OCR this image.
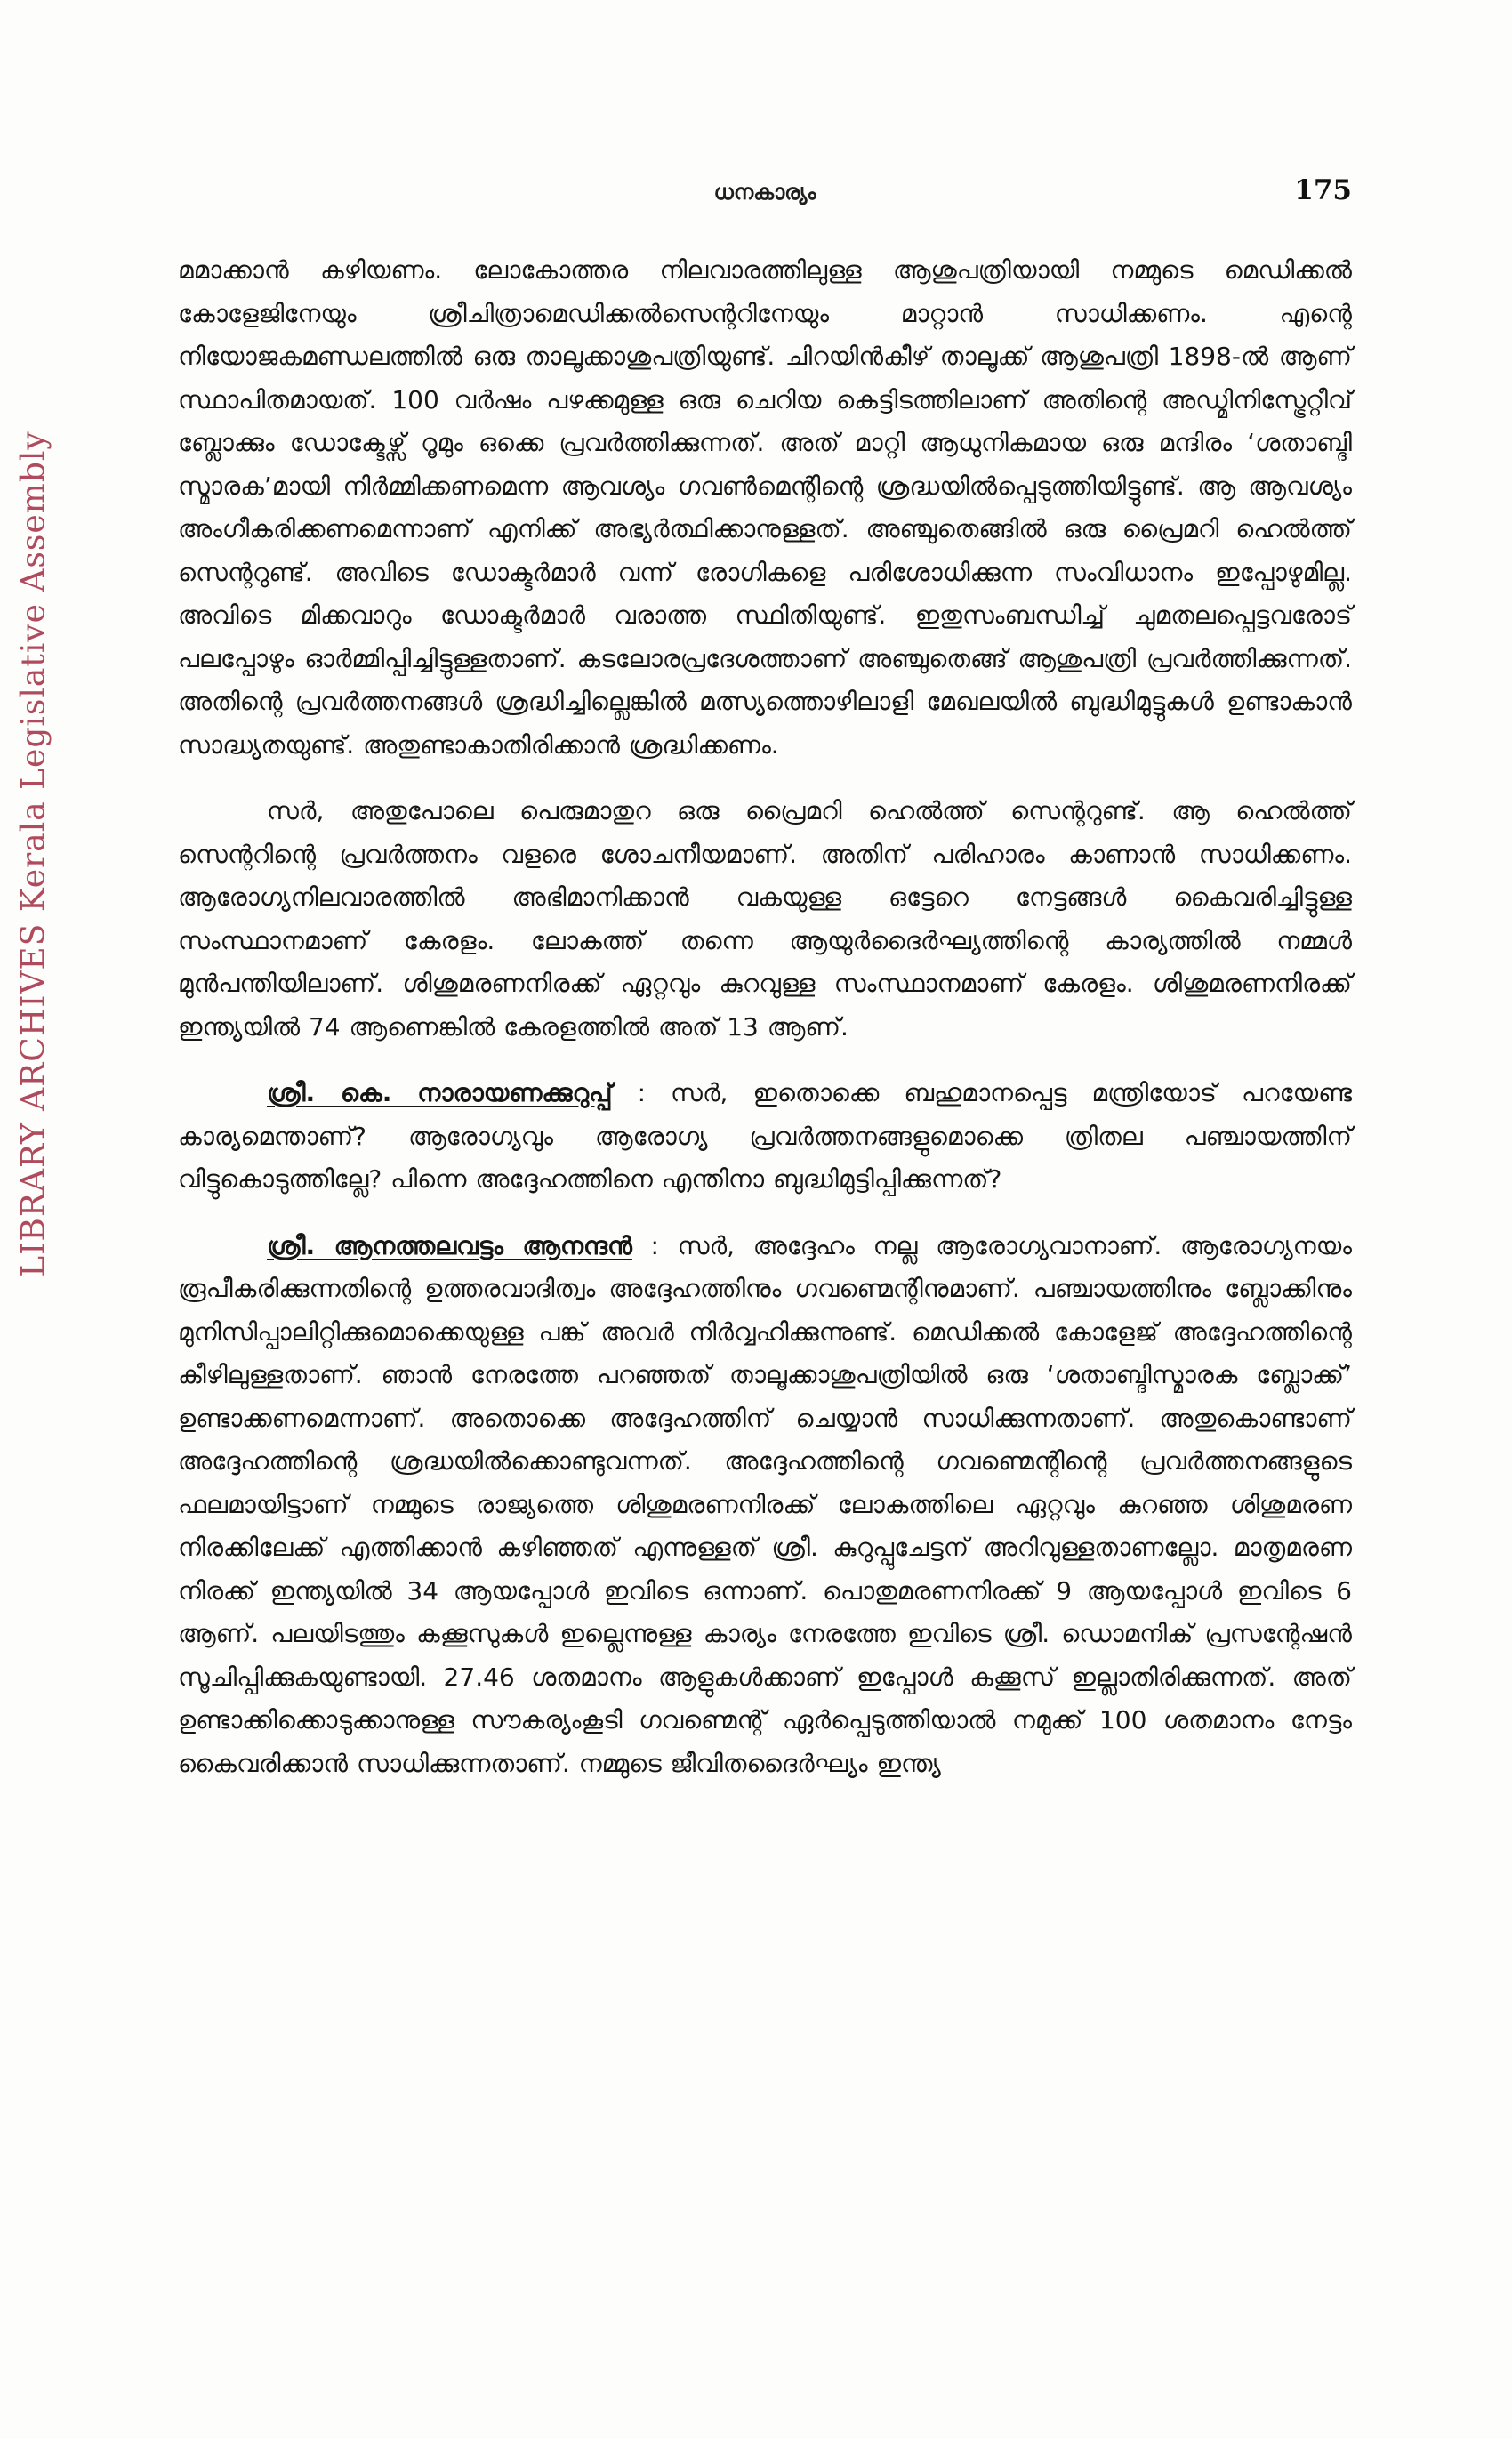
LIBRARY ARCHIVES Kerala Legislative Assembly
ധനകാര്യം	175

മമാക്കാൻ കഴിയണം. ലോകോത്തര നിലവാരത്തിലുള്ള ആശുപത്രിയായി നമ്മുടെ മെഡിക്കൽ കോളേജിനേയും ശ്രീചിത്രാമെഡിക്കൽസെന്ററിനേയും മാറ്റാൻ സാധിക്കണം. എന്റെ നിയോജകമണ്ഡലത്തിൽ ഒരു താലൂക്കാശുപത്രിയുണ്ട്. ചിറയിൻകീഴ് താലൂക്ക് ആശുപത്രി 1898-ൽ ആണ് സ്ഥാപിതമായത്. 100 വർഷം പഴക്കമുള്ള ഒരു ചെറിയ കെട്ടിടത്തിലാണ് അതിന്റെ അഡ്മിനിസ്ട്രേറ്റീവ് ബ്ലോക്കും ഡോക്ടേഴ്സ് റൂമും ഒക്കെ പ്രവർത്തിക്കുന്നത്. അത് മാറ്റി ആധുനികമായ ഒരു മന്ദിരം ‘ശതാബ്ദി സ്മാരക’മായി നിർമ്മിക്കണമെന്ന ആവശ്യം ഗവൺമെന്റിന്റെ ശ്രദ്ധയിൽപ്പെടുത്തിയിട്ടുണ്ട്. ആ ആവശ്യം അംഗീകരിക്കണമെന്നാണ് എനിക്ക് അഭ്യർത്ഥിക്കാനുള്ളത്. അഞ്ചുതെങ്ങിൽ ഒരു പ്രൈമറി ഹെൽത്ത് സെന്ററുണ്ട്. അവിടെ ഡോക്ടർമാർ വന്ന് രോഗികളെ പരിശോധിക്കുന്ന സംവിധാനം ഇപ്പോഴുമില്ല. അവിടെ മിക്കവാറും ഡോക്ടർമാർ വരാത്ത സ്ഥിതിയുണ്ട്. ഇതുസംബന്ധിച്ച് ചുമതലപ്പെട്ടവരോട് പലപ്പോഴും ഓർമ്മിപ്പിച്ചിട്ടുള്ളതാണ്. കടലോരപ്രദേശത്താണ് അഞ്ചുതെങ്ങ് ആശുപത്രി പ്രവർത്തിക്കുന്നത്. അതിന്റെ പ്രവർത്തനങ്ങൾ ശ്രദ്ധിച്ചില്ലെങ്കിൽ മത്സ്യത്തൊഴിലാളി മേഖലയിൽ ബുദ്ധിമുട്ടുകൾ ഉണ്ടാകാൻ സാദ്ധ്യതയുണ്ട്. അതുണ്ടാകാതിരിക്കാൻ ശ്രദ്ധിക്കണം.

സർ, അതുപോലെ പെരുമാതുറ ഒരു പ്രൈമറി ഹെൽത്ത് സെന്ററുണ്ട്. ആ ഹെൽത്ത് സെന്ററിന്റെ പ്രവർത്തനം വളരെ ശോചനീയമാണ്. അതിന് പരിഹാരം കാണാൻ സാധിക്കണം. ആരോഗ്യനിലവാരത്തിൽ അഭിമാനിക്കാൻ വകയുള്ള ഒട്ടേറെ നേട്ടങ്ങൾ കൈവരിച്ചിട്ടുള്ള സംസ്ഥാനമാണ് കേരളം. ലോകത്ത് തന്നെ ആയുർദൈർഘ്യത്തിന്റെ കാര്യത്തിൽ നമ്മൾ മുൻപന്തിയിലാണ്. ശിശുമരണനിരക്ക് ഏറ്റവും കുറവുള്ള സംസ്ഥാനമാണ് കേരളം. ശിശുമരണനിരക്ക് ഇന്ത്യയിൽ 74 ആണെങ്കിൽ കേരളത്തിൽ അത് 13 ആണ്.

ശ്രീ. കെ. നാരായണക്കുറുപ്പ് : സർ, ഇതൊക്കെ ബഹുമാനപ്പെട്ട മന്ത്രിയോട് പറയേണ്ട കാര്യമെന്താണ്? ആരോഗ്യവും ആരോഗ്യ പ്രവർത്തനങ്ങളുമൊക്കെ ത്രിതല പഞ്ചായത്തിന് വിട്ടുകൊടുത്തില്ലേ? പിന്നെ അദ്ദേഹത്തിനെ എന്തിനാ ബുദ്ധിമുട്ടിപ്പിക്കുന്നത്?

ശ്രീ. ആനത്തലവട്ടം ആനന്ദൻ : സർ, അദ്ദേഹം നല്ല ആരോഗ്യവാനാണ്. ആരോഗ്യനയം രൂപീകരിക്കുന്നതിന്റെ ഉത്തരവാദിത്വം അദ്ദേഹത്തിനും ഗവണ്മെന്റിനുമാണ്. പഞ്ചായത്തിനും ബ്ലോക്കിനും മുനിസിപ്പാലിറ്റിക്കുമൊക്കെയുള്ള പങ്ക് അവർ നിർവ്വഹിക്കുന്നുണ്ട്. മെഡിക്കൽ കോളേജ് അദ്ദേഹത്തിന്റെ കീഴിലുള്ളതാണ്. ഞാൻ നേരത്തേ പറഞ്ഞത് താലൂക്കാശുപത്രിയിൽ ഒരു ‘ശതാബ്ദിസ്മാരക ബ്ലോക്ക്’ ഉണ്ടാക്കണമെന്നാണ്. അതൊക്കെ അദ്ദേഹത്തിന് ചെയ്യാൻ സാധിക്കുന്നതാണ്. അതുകൊണ്ടാണ് അദ്ദേഹത്തിന്റെ ശ്രദ്ധയിൽക്കൊണ്ടുവന്നത്. അദ്ദേഹത്തിന്റെ ഗവണ്മെന്റിന്റെ പ്രവർത്തനങ്ങളുടെ ഫലമായിട്ടാണ് നമ്മുടെ രാജ്യത്തെ ശിശുമരണനിരക്ക് ലോകത്തിലെ ഏറ്റവും കുറഞ്ഞ ശിശുമരണ നിരക്കിലേക്ക് എത്തിക്കാൻ കഴിഞ്ഞത് എന്നുള്ളത് ശ്രീ. കുറുപ്പുചേട്ടന് അറിവുള്ളതാണല്ലോ. മാതൃമരണ നിരക്ക് ഇന്ത്യയിൽ 34 ആയപ്പോൾ ഇവിടെ ഒന്നാണ്. പൊതുമരണനിരക്ക് 9 ആയപ്പോൾ ഇവിടെ 6 ആണ്. പലയിടത്തും കക്കൂസുകൾ ഇല്ലെന്നുള്ള കാര്യം നേരത്തേ ഇവിടെ ശ്രീ. ഡൊമനിക് പ്രസന്റേഷൻ സൂചിപ്പിക്കുകയുണ്ടായി. 27.46 ശതമാനം ആളുകൾക്കാണ് ഇപ്പോൾ കക്കൂസ് ഇല്ലാതിരിക്കുന്നത്. അത് ഉണ്ടാക്കിക്കൊടുക്കാനുള്ള സൗകര്യംകൂടി ഗവണ്മെന്റ് ഏർപ്പെടുത്തിയാൽ നമുക്ക് 100 ശതമാനം നേട്ടം കൈവരിക്കാൻ സാധിക്കുന്നതാണ്. നമ്മുടെ ജീവിതദൈർഘ്യം ഇന്ത്യ
